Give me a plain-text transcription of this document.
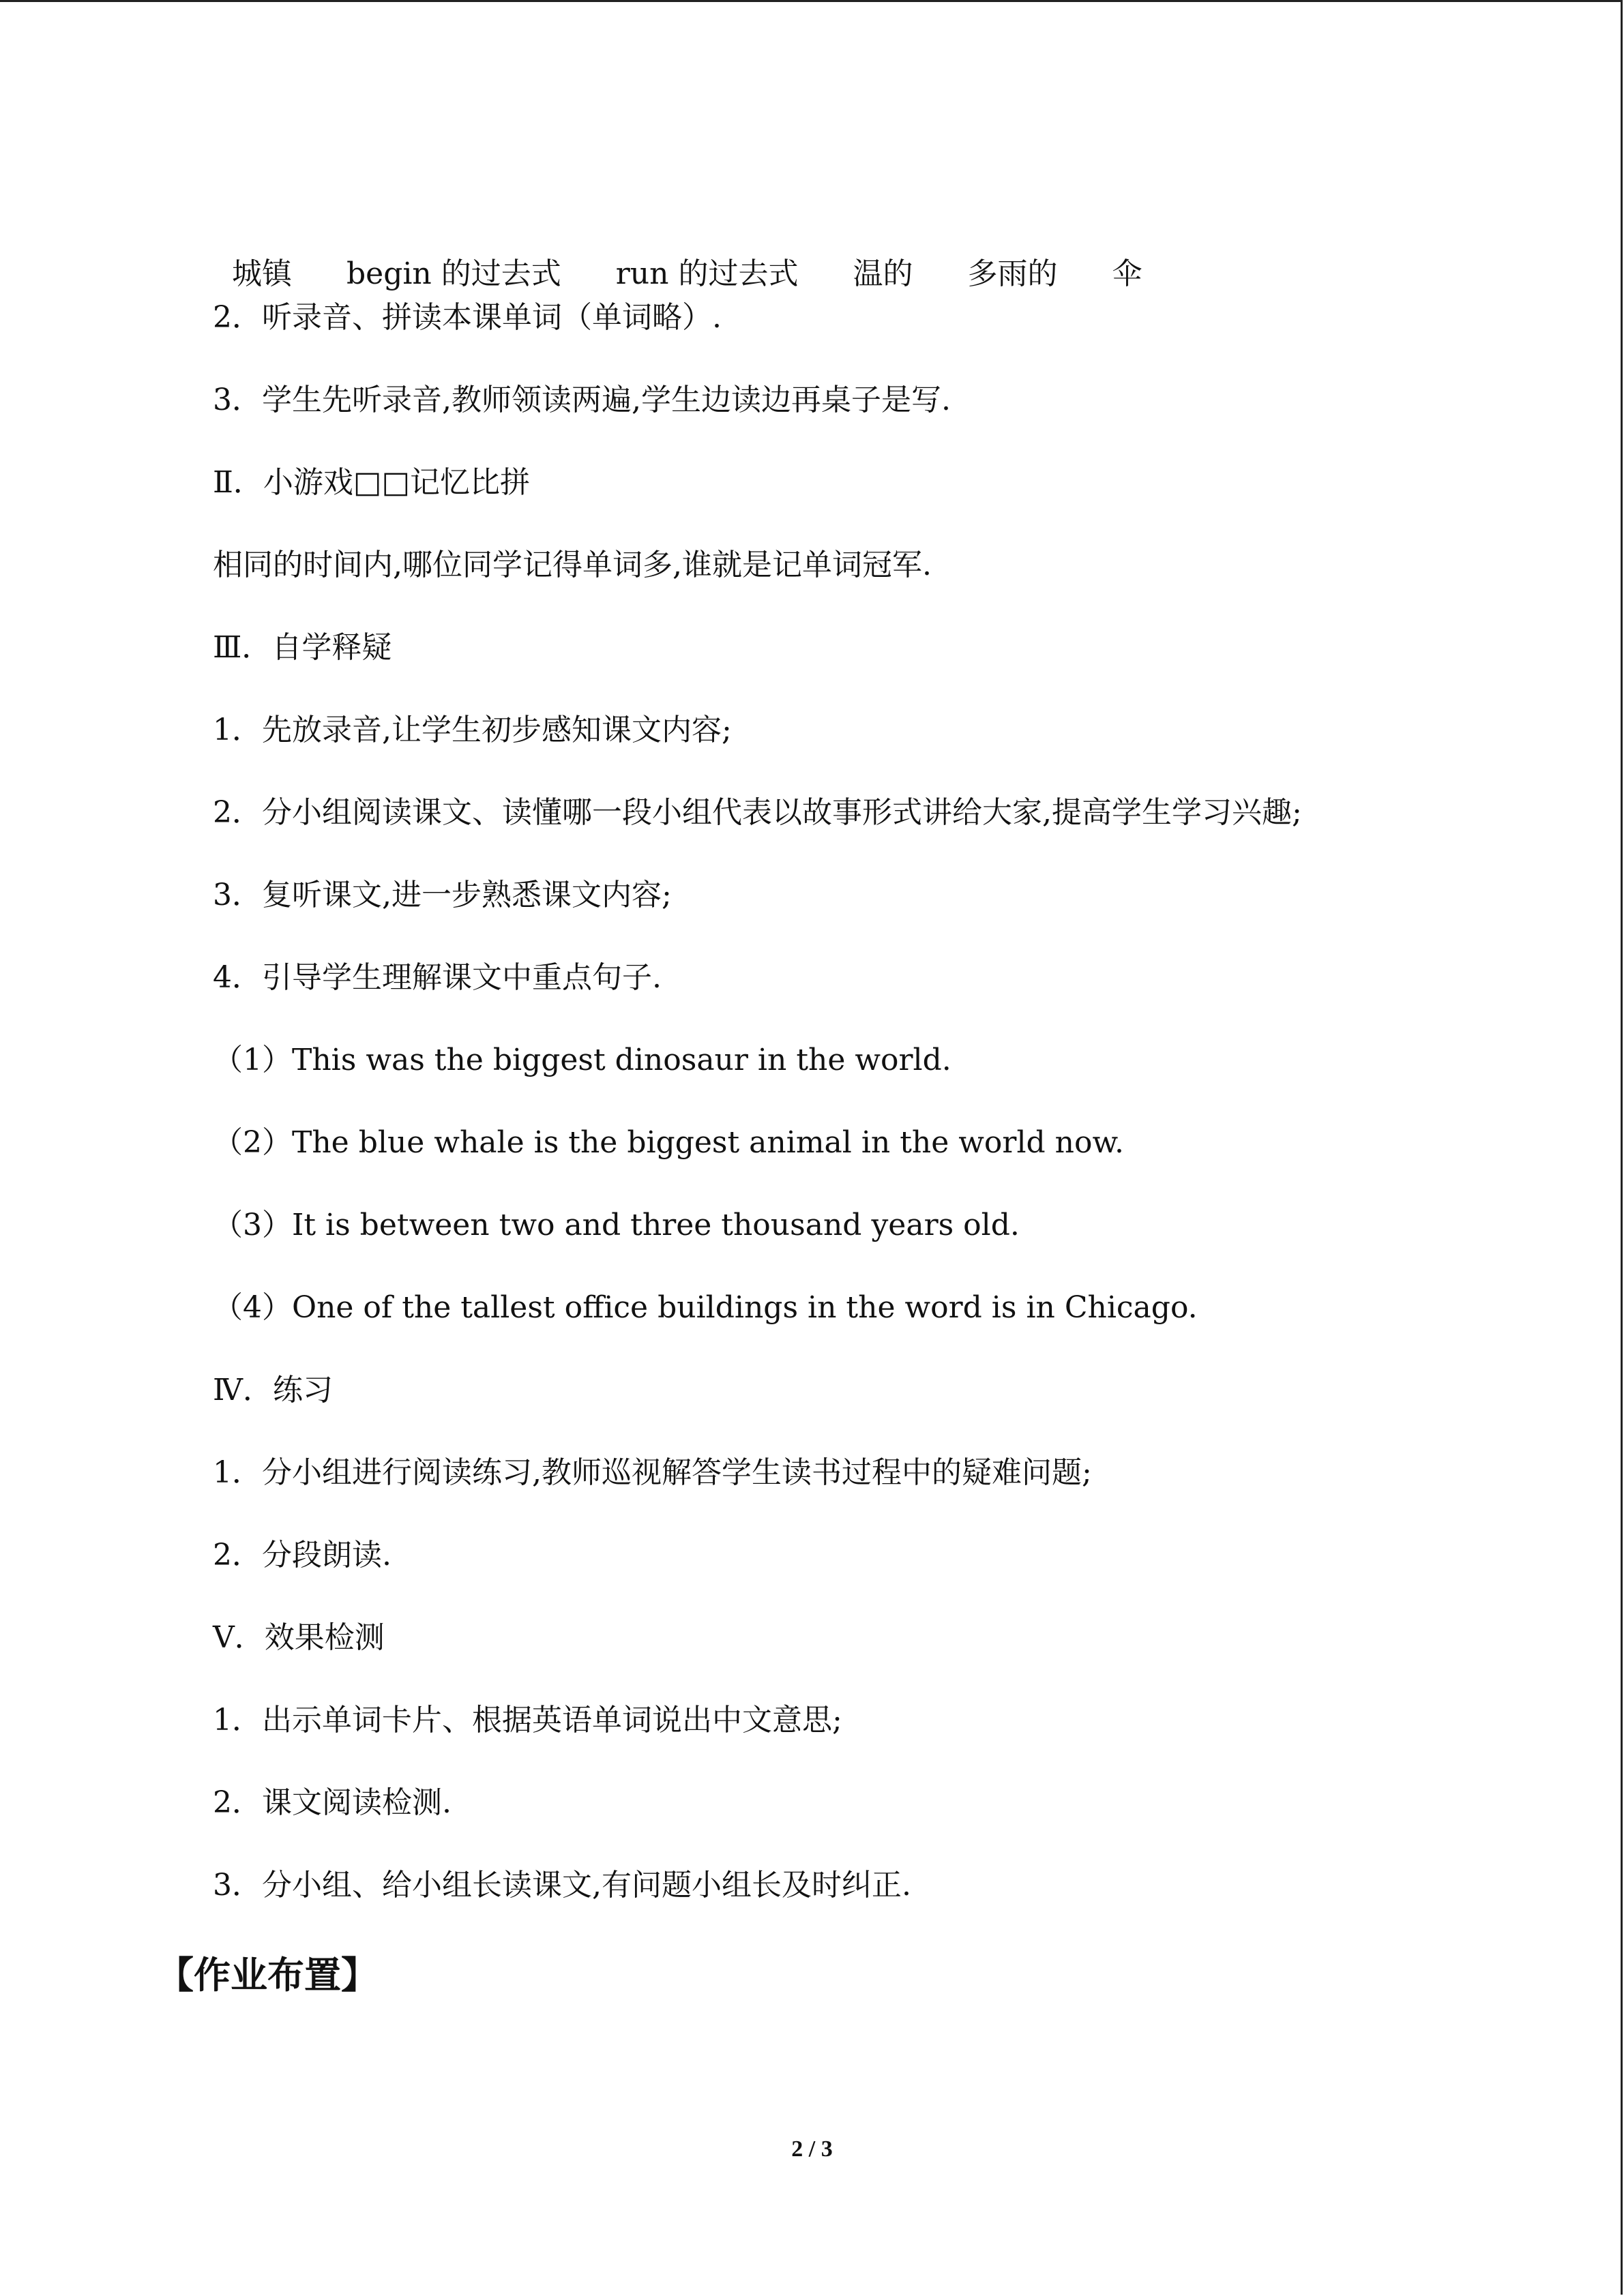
城镇 begin 的过去式 run 的过去式 温的 多雨的 伞

2．听录音、拼读本课单词（单词略）.
3．学生先听录音,教师领读两遍,学生边读边再桌子是写.
Ⅱ．小游戏□□记忆比拼
相同的时间内,哪位同学记得单词多,谁就是记单词冠军.
Ⅲ．自学释疑
1．先放录音,让学生初步感知课文内容;
2．分小组阅读课文、读懂哪一段小组代表以故事形式讲给大家,提高学生学习兴趣;
3．复听课文,进一步熟悉课文内容;
4．引导学生理解课文中重点句子.
（1）This was the biggest dinosaur in the world.
（2）The blue whale is the biggest animal in the world now.
（3）It is between two and three thousand years old.
（4）One of the tallest office buildings in the word is in Chicago.
Ⅳ．练习
1．分小组进行阅读练习,教师巡视解答学生读书过程中的疑难问题;
2．分段朗读.
Ⅴ．效果检测
1．出示单词卡片、根据英语单词说出中文意思;
2．课文阅读检测.
3．分小组、给小组长读课文,有问题小组长及时纠正.
【作业布置】
2 / 3
